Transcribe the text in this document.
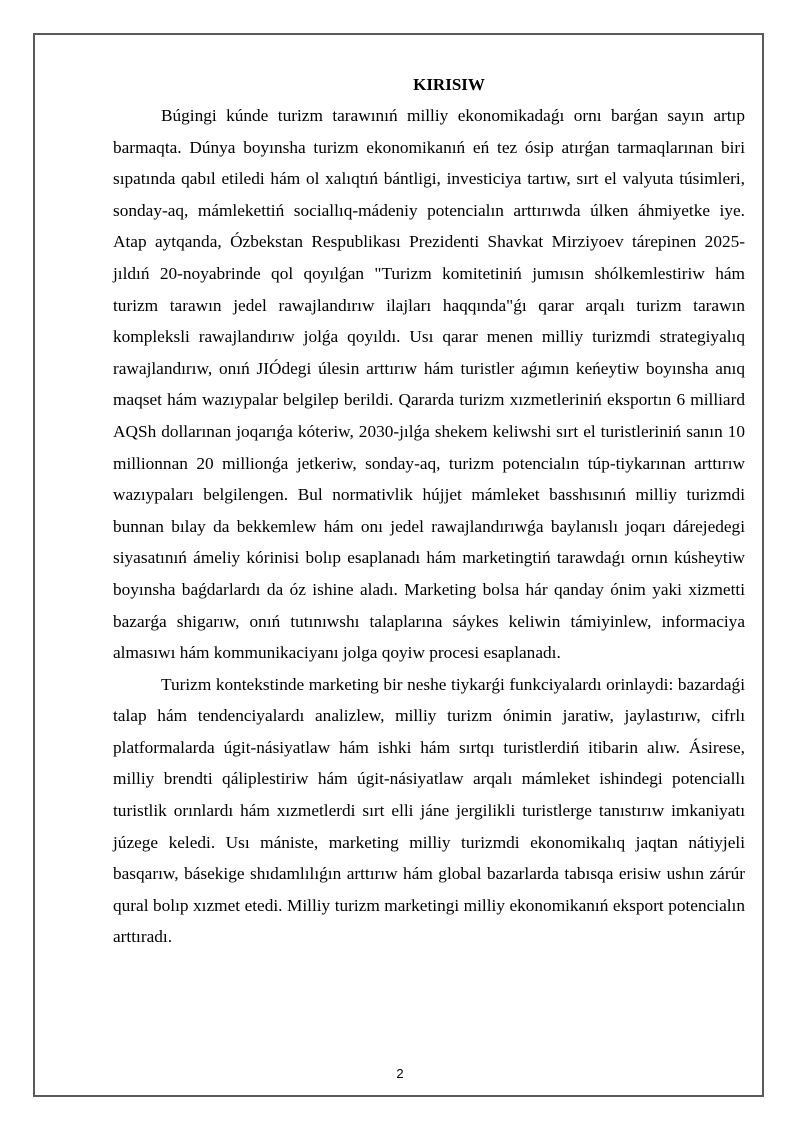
KIRISIW

Búgingi kúnde turizm tarawınıń milliy ekonomikadaǵı ornı barǵan sayın artıp barmaqta. Dúnya boyınsha turizm ekonomikanıń eń tez ósip atırǵan tarmaqlarınan biri sıpatında qabıl etiledi hám ol xalıqtıń bántligi, investiciya tartıw, sırt el valyuta túsimleri, sonday-aq, mámlekettiń sociallıq-mádeniy potencialın arttırıwda úlken áhmiyetke iye. Atap aytqanda, Ózbekstan Respublikası Prezidenti Shavkat Mirziyoev tárepinen 2025-jıldıń 20-noyabrinde qol qoyılǵan "Turizm komitetiniń jumısın shólkemlestiriw hám turizm tarawın jedel rawajlandırıw ilajları haqqında"ǵı qarar arqalı turizm tarawın kompleksli rawajlandırıw jolǵa qoyıldı. Usı qarar menen milliy turizmdi strategiyalıq rawajlandırıw, onıń JIÓdegi úlesin arttırıw hám turistler aǵımın keńeytiw boyınsha anıq maqset hám wazıypalar belgilep berildi. Qararda turizm xızmetleriniń eksportın 6 milliard AQSh dollarınan joqarıǵa kóteriw, 2030-jılǵa shekem keliwshi sırt el turistleriniń sanın 10 millionnan 20 millionǵa jetkeriw, sonday-aq, turizm potencialın túp-tiykarınan arttırıw wazıypaları belgilengen. Bul normativlik hújjet mámleket basshısınıń milliy turizmdi bunnan bılay da bekkemlew hám onı jedel rawajlandırıwǵa baylanıslı joqarı dárejedegi siyasatınıń ámeliy kórinisi bolıp esaplanadı hám marketingtiń tarawdaǵı ornın kúsheytiw boyınsha baǵdarlardı da óz ishine aladı. Marketing bolsa hár qanday ónim yaki xizmetti bazarǵa shigarıw, onıń tutınıwshı talaplarına sáykes keliwin támiyinlew, informaciya almasıwı hám kommunikaciyanı jolga qoyiw procesi esaplanadı.

Turizm kontekstinde marketing bir neshe tiykarǵi funkciyalardı orinlaydi: bazardaǵi talap hám tendenciyalardı analizlew, milliy turizm ónimin jaratiw, jaylastırıw, cifrlı platformalarda úgit-násiyatlaw hám ishki hám sırtqı turistlerdiń itibarin alıw. Ásirese, milliy brendti qáliplestiriw hám úgit-násiyatlaw arqalı mámleket ishindegi potenciallı turistlik orınlardı hám xızmetlerdi sırt elli jáne jergilikli turistlerge tanıstırıw imkaniyatı júzege keledi. Usı mániste, marketing milliy turizmdi ekonomikalıq jaqtan nátiyjeli basqarıw, básekige shıdamlılıǵın arttırıw hám global bazarlarda tabısqa erisiw ushın zárúr qural bolıp xızmet etedi. Milliy turizm marketingi milliy ekonomikanıń eksport potencialın arttıradı.

2
